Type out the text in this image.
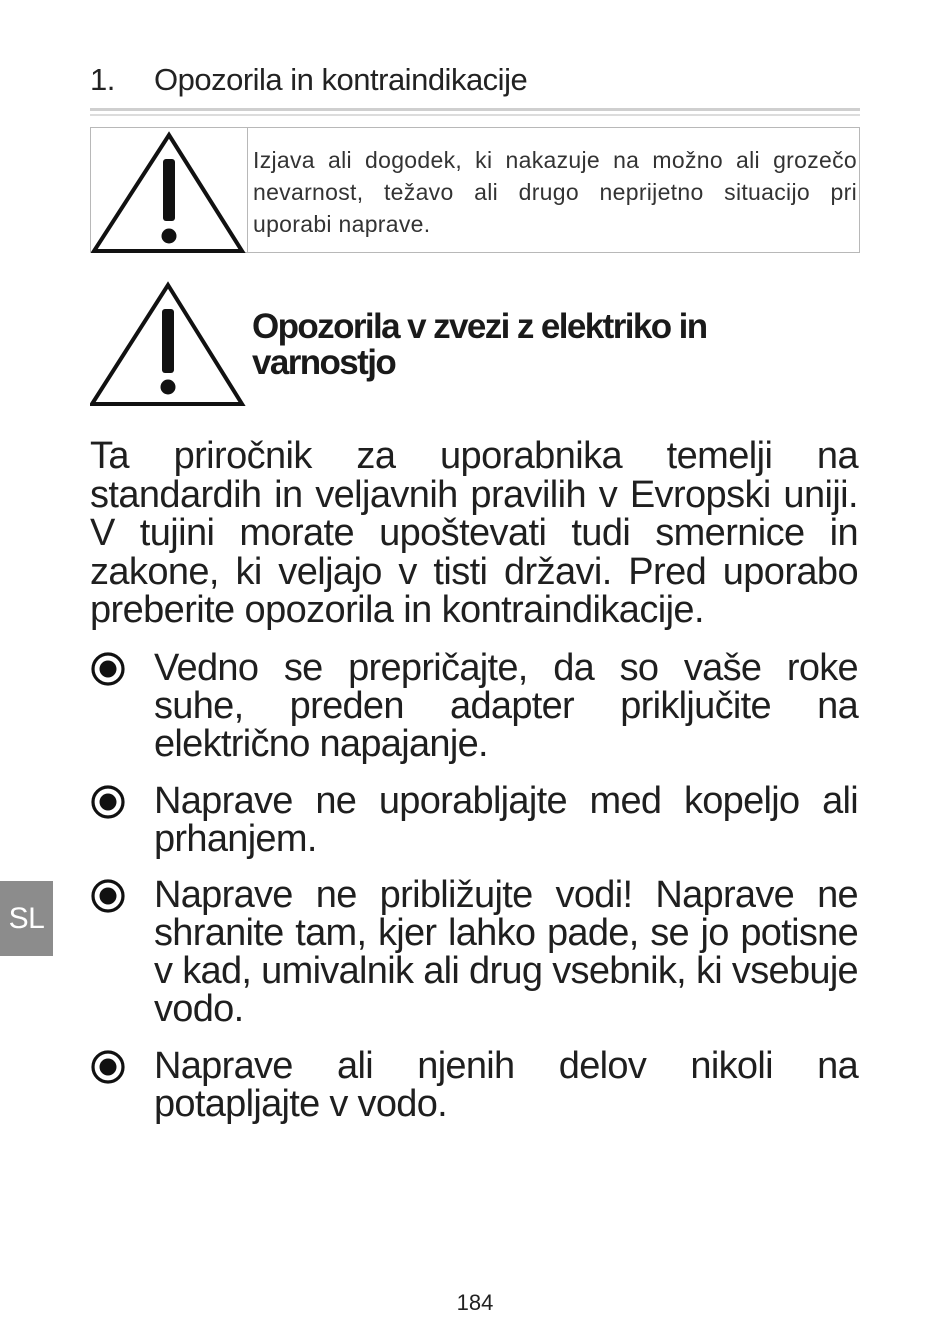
1.	Opozorila in kontraindikacije
Izjava ali dogodek, ki nakazuje na možno ali grozečo nevarnost, težavo ali drugo neprijetno situacijo pri uporabi naprave.
Opozorila v zvezi z elektriko in varnostjo
Ta priročnik za uporabnika temelji na standardih in veljavnih pravilih v Evropski uniji. V tujini morate upoštevati tudi smernice in zakone, ki veljajo v tisti državi. Pred uporabo preberite opozorila in kontraindikacije.
Vedno se prepričajte, da so vaše roke suhe, preden adapter priključite na električno napajanje.
Naprave ne uporabljajte med kopeljo ali prhanjem.
Naprave ne približujte vodi! Naprave ne shranite tam, kjer lahko pade, se jo potisne v kad, umivalnik ali drug vsebnik, ki vsebuje vodo.
Naprave ali njenih delov nikoli na potapljajte v vodo.
SL
184
